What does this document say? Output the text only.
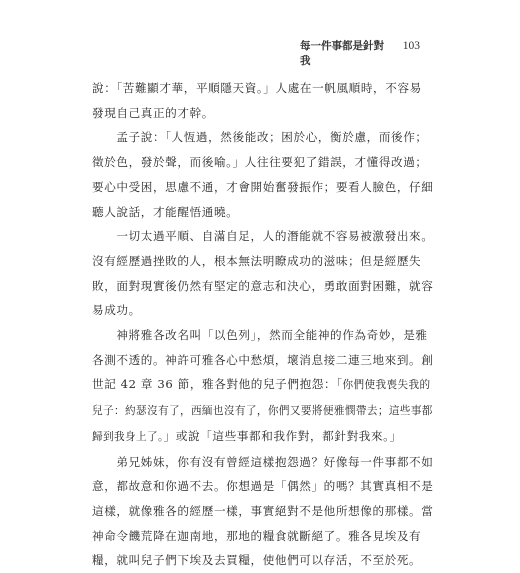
每一件事都是針對我
103

說：「苦難顯才華，平順隱天資。」人處在一帆風順時，不容易發現自己真正的才幹。

孟子說：「人恆過，然後能改；困於心，衡於慮，而後作；徵於色，發於聲，而後喻。」人往往要犯了錯誤，才懂得改過；要心中受困，思慮不通，才會開始奮發振作；要看人臉色，仔細聽人說話，才能醒悟通曉。

一切太過平順、自滿自足，人的潛能就不容易被激發出來。沒有經歷過挫敗的人，根本無法明瞭成功的滋味；但是經歷失敗，面對現實後仍然有堅定的意志和決心，勇敢面對困難，就容易成功。

神將雅各改名叫「以色列」，然而全能神的作為奇妙，是雅各測不透的。神許可雅各心中愁煩，壞消息接二連三地來到。創世記 42 章 36 節，雅各對他的兒子們抱怨：「你們使我喪失我的兒子：約瑟沒有了，西緬也沒有了，你們又要將便雅憫帶去；這些事都歸到我身上了。」或說「這些事都和我作對，都針對我來。」

弟兄姊妹，你有沒有曾經這樣抱怨過？好像每一件事都不如意，都故意和你過不去。你想過是「偶然」的嗎？其實真相不是這樣，就像雅各的經歷一樣，事實絕對不是他所想像的那樣。當神命令饑荒降在迦南地，那地的糧食就斷絕了。雅各見埃及有糧，就叫兒子們下埃及去買糧，使他們可以存活，不至於死。
